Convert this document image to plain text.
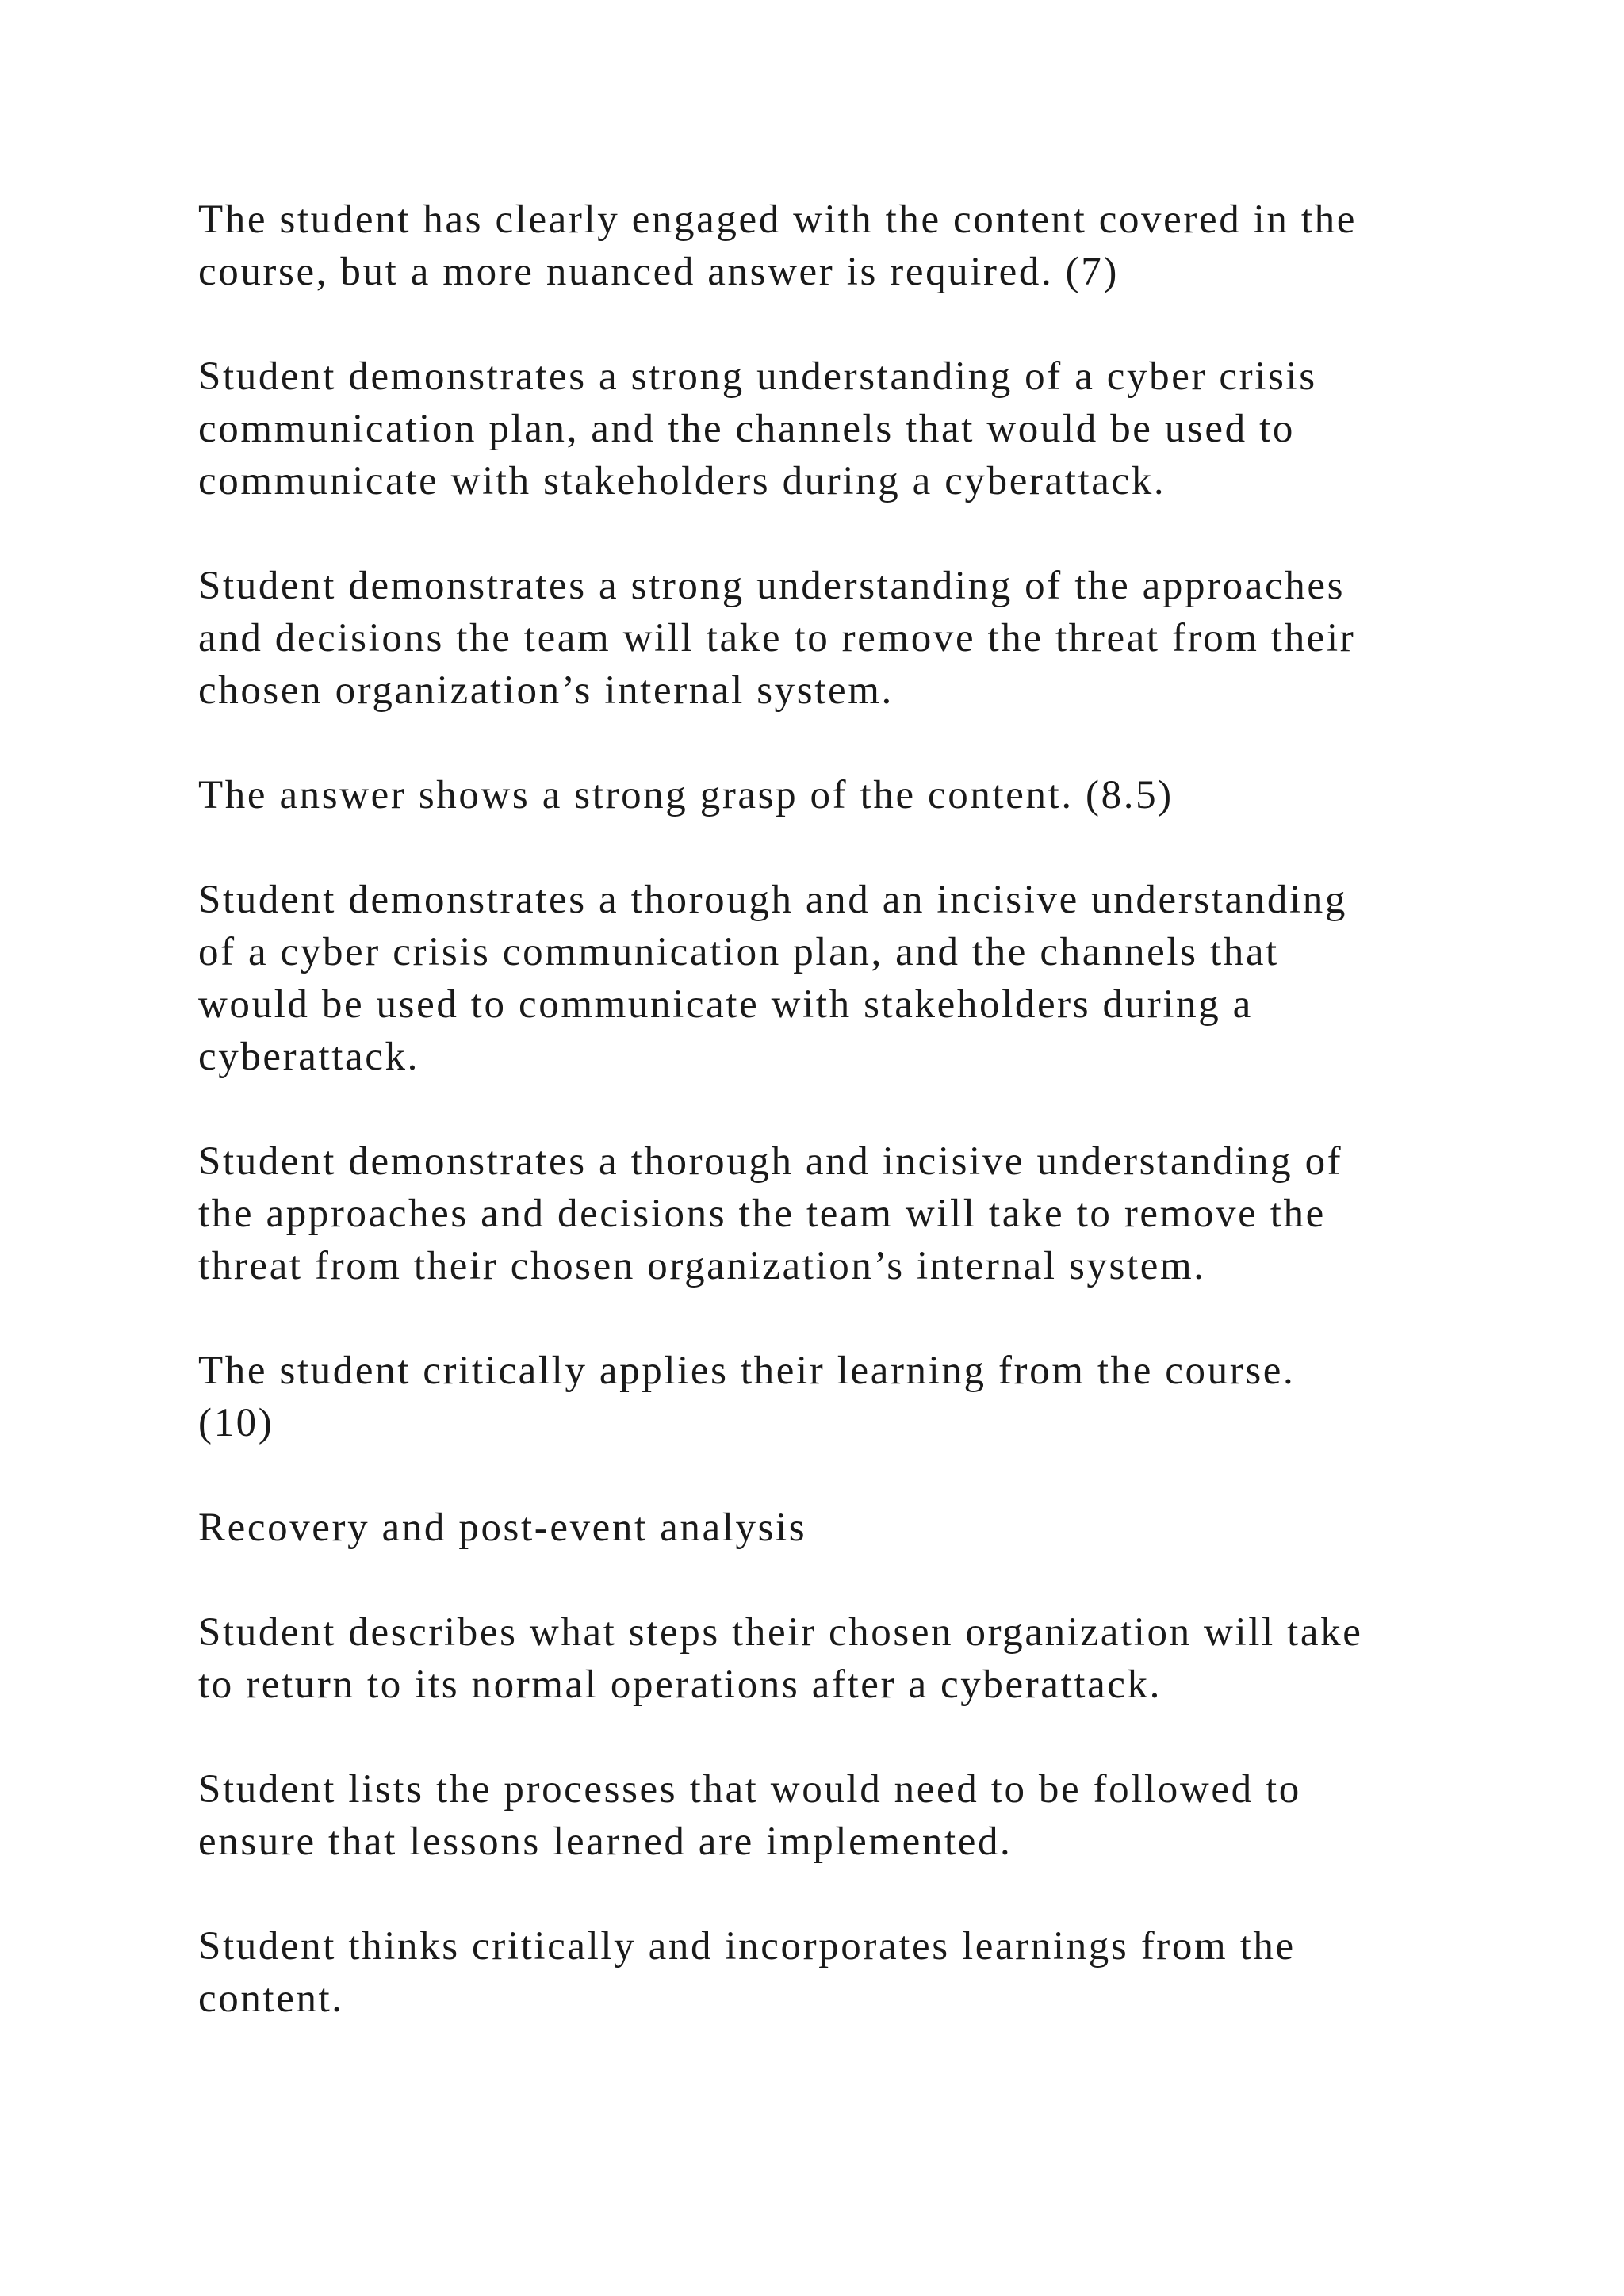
The student has clearly engaged with the content covered in the
course, but a more nuanced answer is required. (7)

Student demonstrates a strong understanding of a cyber crisis
communication plan, and the channels that would be used to
communicate with stakeholders during a cyberattack.

Student demonstrates a strong understanding of the approaches
and decisions the team will take to remove the threat from their
chosen organization’s internal system.

The answer shows a strong grasp of the content. (8.5)

Student demonstrates a thorough and an incisive understanding
of a cyber crisis communication plan, and the channels that
would be used to communicate with stakeholders during a
cyberattack.

Student demonstrates a thorough and incisive understanding of
the approaches and decisions the team will take to remove the
threat from their chosen organization’s internal system.

The student critically applies their learning from the course.
(10)

Recovery and post-event analysis

Student describes what steps their chosen organization will take
to return to its normal operations after a cyberattack.

Student lists the processes that would need to be followed to
ensure that lessons learned are implemented.

Student thinks critically and incorporates learnings from the
content.
